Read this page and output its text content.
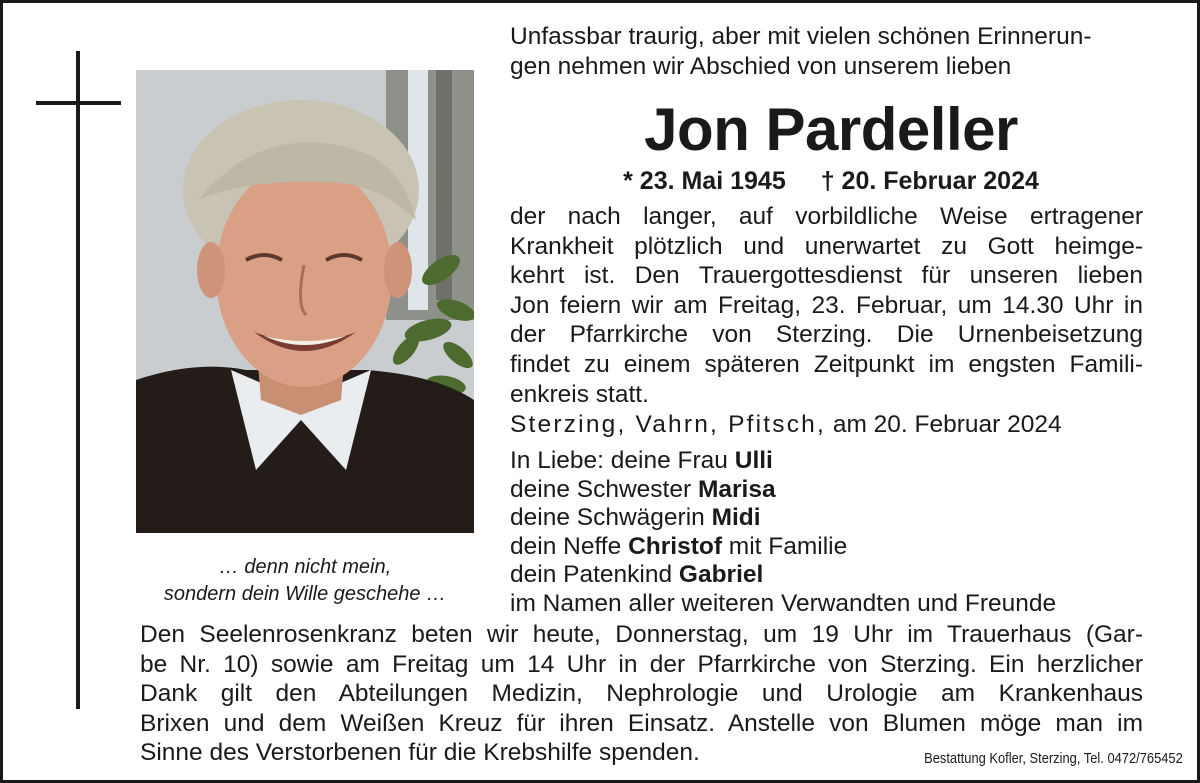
… denn nicht mein,
sondern dein Wille geschehe …
Unfassbar traurig, aber mit vielen schönen Erinnerun-
gen nehmen wir Abschied von unserem lieben
Jon Pardeller
* 23. Mai 1945 † 20. Februar 2024
der nach langer, auf vorbildliche Weise ertragener
Krankheit plötzlich und unerwartet zu Gott heimge-
kehrt ist. Den Trauergottesdienst für unseren lieben
Jon feiern wir am Freitag, 23. Februar, um 14.30 Uhr in
der Pfarrkirche von Sterzing. Die Urnenbeisetzung
findet zu einem späteren Zeitpunkt im engsten Famili-
enkreis statt.
Sterzing, Vahrn, Pfitsch, am 20. Februar 2024
In Liebe: deine Frau Ulli
deine Schwester Marisa
deine Schwägerin Midi
dein Neffe Christof mit Familie
dein Patenkind Gabriel
im Namen aller weiteren Verwandten und Freunde
Den Seelenrosenkranz beten wir heute, Donnerstag, um 19 Uhr im Trauerhaus (Gar-
be Nr. 10) sowie am Freitag um 14 Uhr in der Pfarrkirche von Sterzing. Ein herzlicher
Dank gilt den Abteilungen Medizin, Nephrologie und Urologie am Krankenhaus
Brixen und dem Weißen Kreuz für ihren Einsatz. Anstelle von Blumen möge man im
Sinne des Verstorbenen für die Krebshilfe spenden.	Bestattung Kofler, Sterzing, Tel. 0472/765452
